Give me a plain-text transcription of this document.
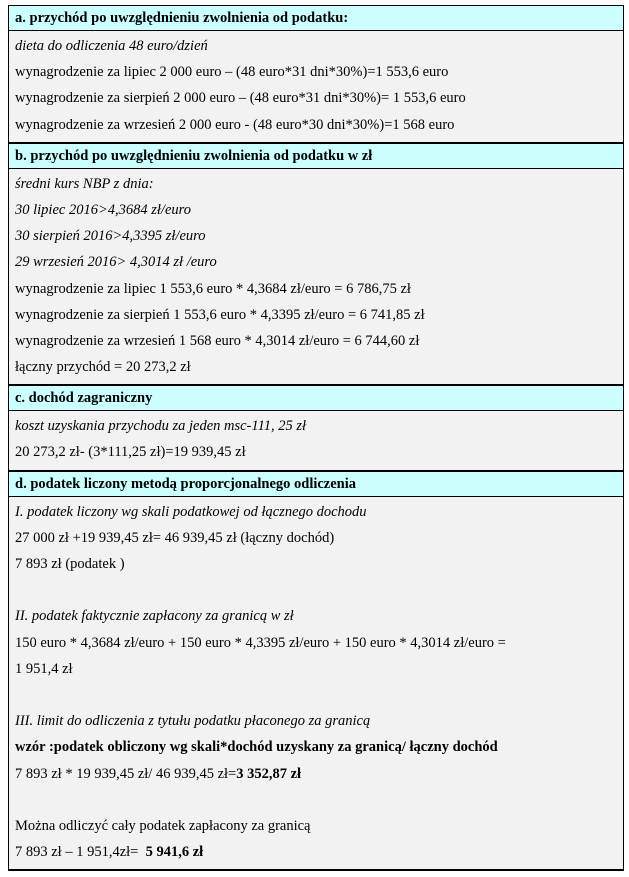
a. przychód po uwzględnieniu zwolnienia od podatku:
dieta do odliczenia 48 euro/dzień
wynagrodzenie za lipiec 2 000 euro – (48 euro*31 dni*30%)=1 553,6 euro
wynagrodzenie za sierpień 2 000 euro – (48 euro*31 dni*30%)= 1 553,6 euro
wynagrodzenie za wrzesień 2 000 euro - (48 euro*30 dni*30%)=1 568 euro
b. przychód po uwzględnieniu zwolnienia od podatku w zł
średni kurs NBP z dnia:
30 lipiec 2016>4,3684 zł/euro
30 sierpień 2016>4,3395 zł/euro
29 wrzesień 2016> 4,3014 zł /euro
wynagrodzenie za lipiec 1 553,6 euro * 4,3684 zł/euro = 6 786,75 zł
wynagrodzenie za sierpień 1 553,6 euro * 4,3395 zł/euro = 6 741,85 zł
wynagrodzenie za wrzesień 1 568 euro * 4,3014 zł/euro = 6 744,60 zł
łączny przychód = 20 273,2 zł
c. dochód zagraniczny
koszt uzyskania przychodu za jeden msc-111, 25 zł
20 273,2 zł- (3*111,25 zł)=19 939,45 zł
d. podatek liczony metodą proporcjonalnego odliczenia
I. podatek liczony wg skali podatkowej od łącznego dochodu
27 000 zł +19 939,45 zł= 46 939,45 zł (łączny dochód)
7 893 zł (podatek )
II. podatek faktycznie zapłacony za granicą w zł
150 euro * 4,3684 zł/euro + 150 euro * 4,3395 zł/euro + 150 euro * 4,3014 zł/euro =
1 951,4 zł
III. limit do odliczenia z tytułu podatku płaconego za granicą
wzór :podatek obliczony wg skali*dochód uzyskany za granicą/ łączny dochód
7 893 zł * 19 939,45 zł/ 46 939,45 zł=3 352,87 zł
Można odliczyć cały podatek zapłacony za granicą
7 893 zł – 1 951,4zł=  5 941,6 zł
